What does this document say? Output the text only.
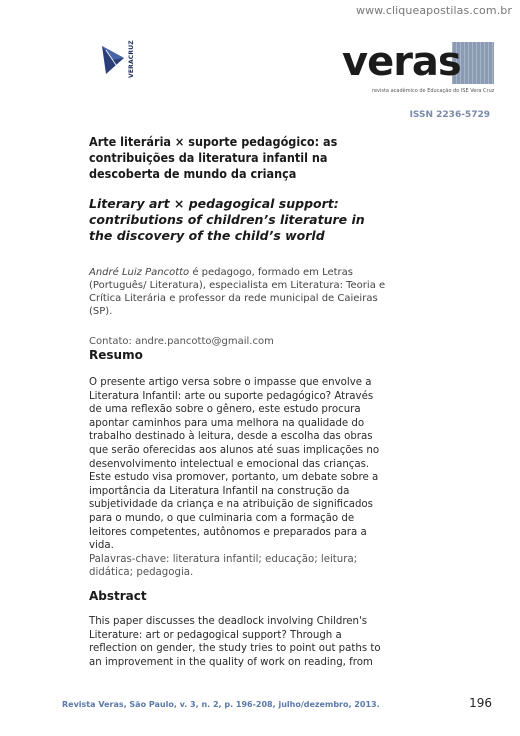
www.cliqueapostilas.com.br
VERACRUZ	veras
revista acadêmico de Educação do ISE Vera Cruz
ISSN 2236-5729
Arte literária × suporte pedagógico: as contribuições da literatura infantil na descoberta de mundo da criança
Literary art × pedagogical support: contributions of children’s literature in the discovery of the child’s world

André Luiz Pancotto é pedagogo, formado em Letras (Português/ Literatura), especialista em Literatura: Teoria e Crítica Literária e professor da rede municipal de Caieiras (SP).

Contato: andre.pancotto@gmail.com

Resumo

O presente artigo versa sobre o impasse que envolve a Literatura Infantil: arte ou suporte pedagógico? Através de uma reflexão sobre o gênero, este estudo procura apontar caminhos para uma melhora na qualidade do trabalho destinado à leitura, desde a escolha das obras que serão oferecidas aos alunos até suas implicações no desenvolvimento intelectual e emocional das crianças. Este estudo visa promover, portanto, um debate sobre a importância da Literatura Infantil na construção da subjetividade da criança e na atribuição de significados para o mundo, o que culminaria com a formação de leitores competentes, autônomos e preparados para a vida.

Palavras-chave: literatura infantil; educação; leitura; didática; pedagogia.

Abstract

This paper discusses the deadlock involving Children's Literature: art or pedagogical support? Through a reflection on gender, the study tries to point out paths to an improvement in the quality of work on reading, from

Revista Veras, São Paulo, v. 3, n. 2, p. 196-208, julho/dezembro, 2013.	196
